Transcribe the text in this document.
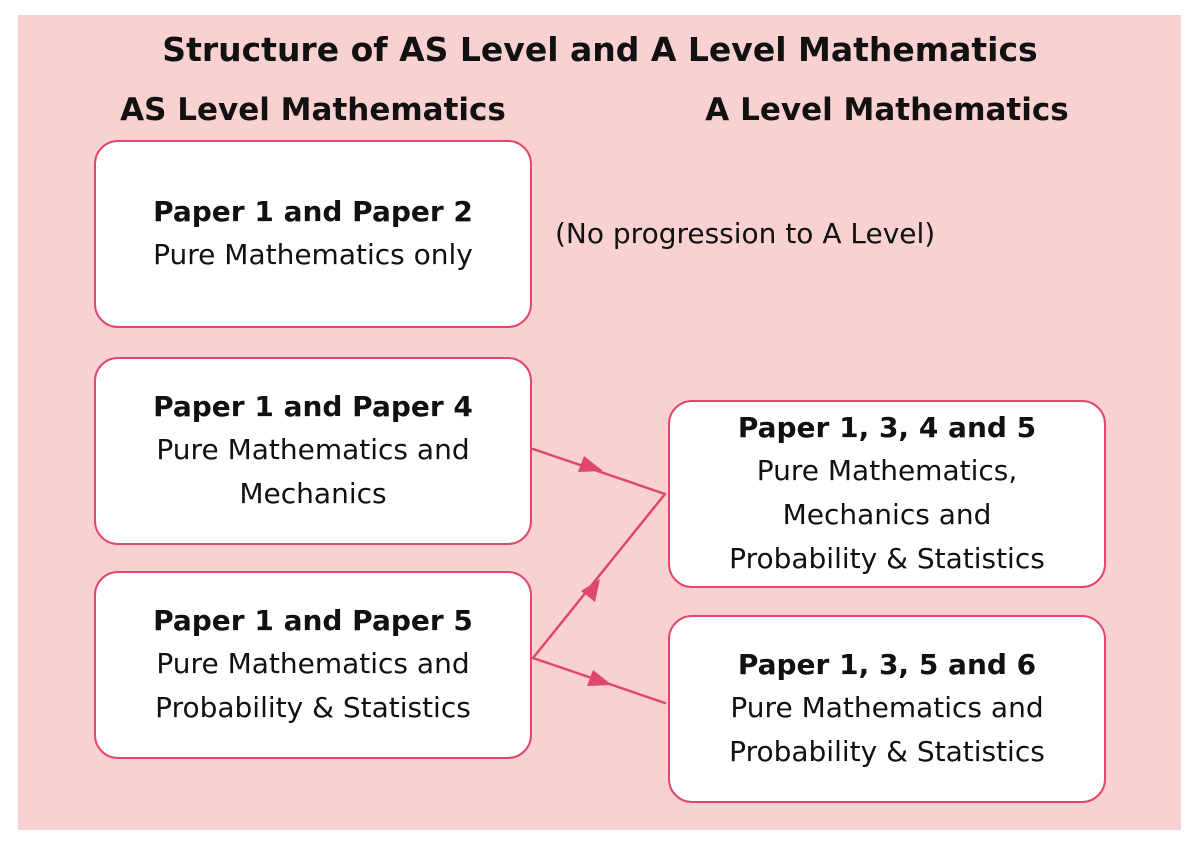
Structure of AS Level and A Level Mathematics
AS Level Mathematics	A Level Mathematics
Paper 1 and Paper 2
Pure Mathematics only
(No progression to A Level)
Paper 1 and Paper 4
Pure Mathematics and
Mechanics
Paper 1 and Paper 5
Pure Mathematics and
Probability & Statistics
Paper 1, 3, 4 and 5
Pure Mathematics,
Mechanics and
Probability & Statistics
Paper 1, 3, 5 and 6
Pure Mathematics and
Probability & Statistics
